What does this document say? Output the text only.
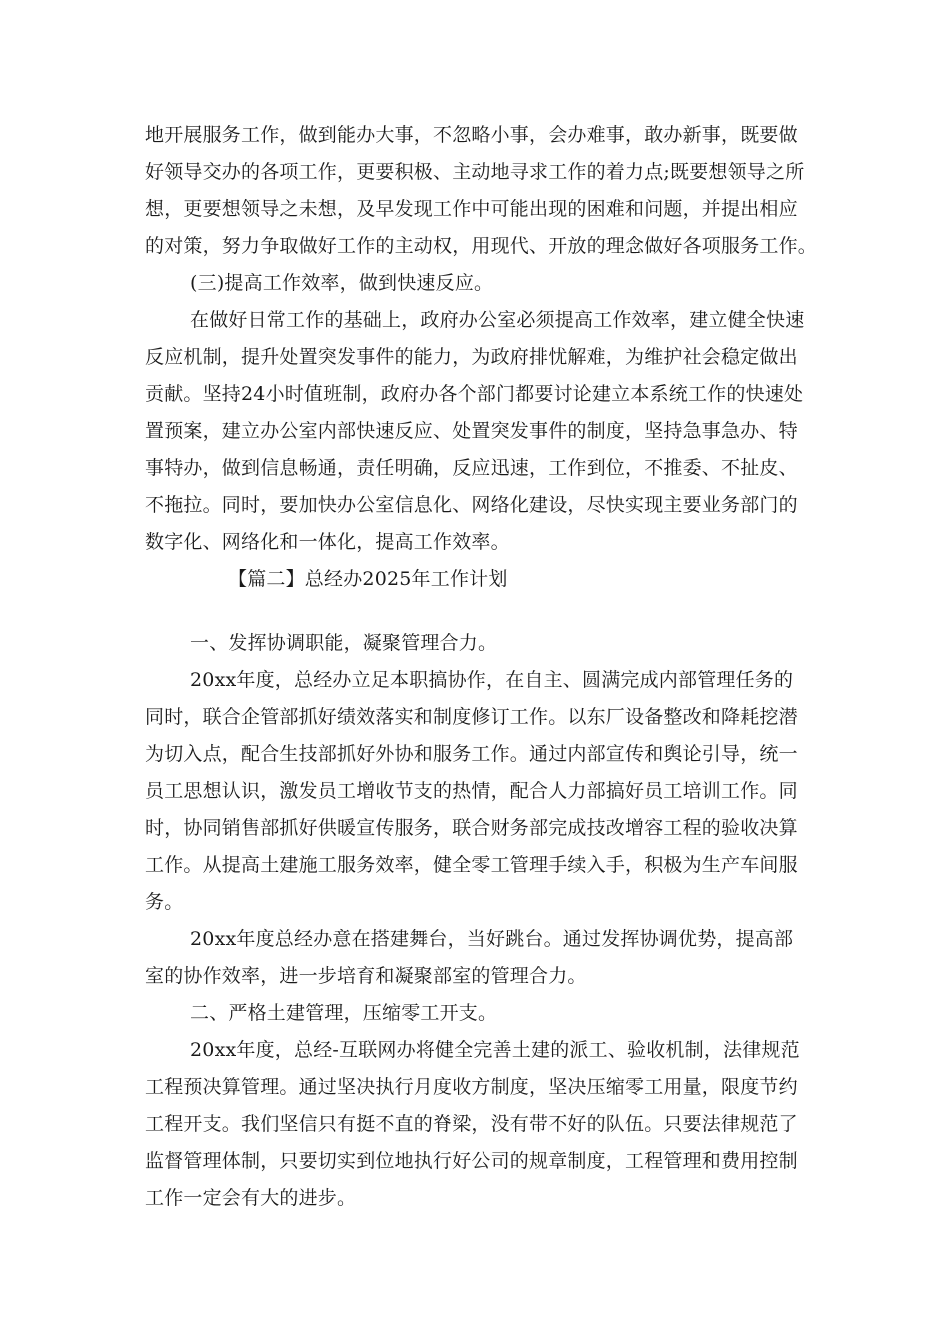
地开展服务工作，做到能办大事，不忽略小事，会办难事，敢办新事，既要做
好领导交办的各项工作，更要积极、主动地寻求工作的着力点;既要想领导之所
想，更要想领导之未想，及早发现工作中可能出现的困难和问题，并提出相应
的对策，努力争取做好工作的主动权，用现代、开放的理念做好各项服务工作。
(三)提高工作效率，做到快速反应。
在做好日常工作的基础上，政府办公室必须提高工作效率，建立健全快速
反应机制，提升处置突发事件的能力，为政府排忧解难，为维护社会稳定做出
贡献。坚持24小时值班制，政府办各个部门都要讨论建立本系统工作的快速处
置预案，建立办公室内部快速反应、处置突发事件的制度，坚持急事急办、特
事特办，做到信息畅通，责任明确，反应迅速，工作到位，不推委、不扯皮、
不拖拉。同时，要加快办公室信息化、网络化建设，尽快实现主要业务部门的
数字化、网络化和一体化，提高工作效率。
【篇二】总经办2025年工作计划
一、发挥协调职能，凝聚管理合力。
20xx年度，总经办立足本职搞协作，在自主、圆满完成内部管理任务的
同时，联合企管部抓好绩效落实和制度修订工作。以东厂设备整改和降耗挖潜
为切入点，配合生技部抓好外协和服务工作。通过内部宣传和舆论引导，统一
员工思想认识，激发员工增收节支的热情，配合人力部搞好员工培训工作。同
时，协同销售部抓好供暖宣传服务，联合财务部完成技改增容工程的验收决算
工作。从提高土建施工服务效率，健全零工管理手续入手，积极为生产车间服
务。
20xx年度总经办意在搭建舞台，当好跳台。通过发挥协调优势，提高部
室的协作效率，进一步培育和凝聚部室的管理合力。
二、严格土建管理，压缩零工开支。
20xx年度，总经-互联网办将健全完善土建的派工、验收机制，法律规范
工程预决算管理。通过坚决执行月度收方制度，坚决压缩零工用量，限度节约
工程开支。我们坚信只有挺不直的脊梁，没有带不好的队伍。只要法律规范了
监督管理体制，只要切实到位地执行好公司的规章制度，工程管理和费用控制
工作一定会有大的进步。
